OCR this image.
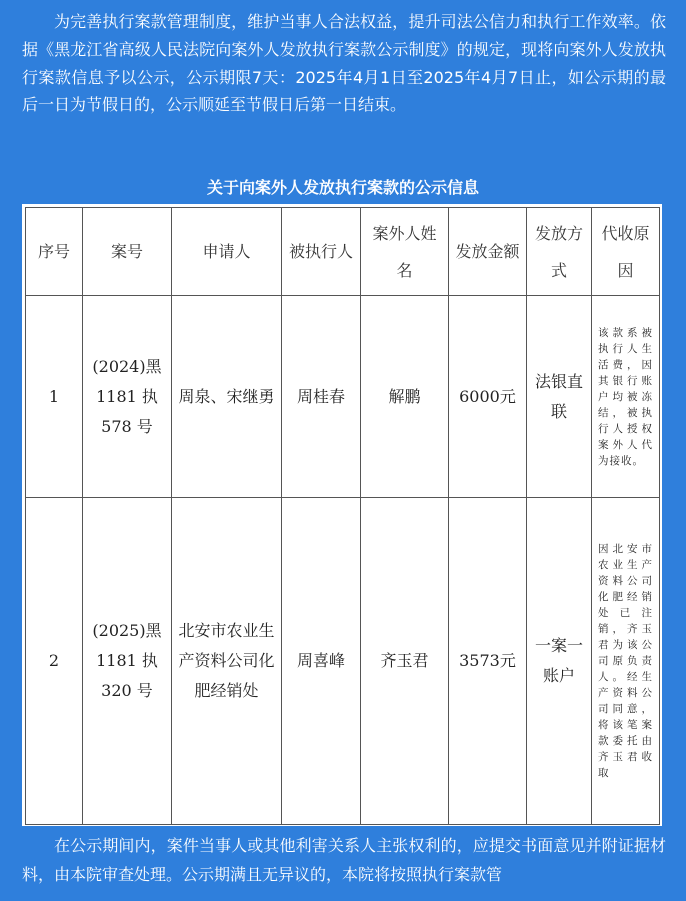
为完善执行案款管理制度，维护当事人合法权益，提升司法公信力和执行工作效率。依据《黑龙江省高级人民法院向案外人发放执行案款公示制度》的规定，现将向案外人发放执行案款信息予以公示，公示期限7天：2025年4月1日至2025年4月7日止，如公示期的最后一日为节假日的，公示顺延至节假日后第一日结束。

关于向案外人发放执行案款的公示信息
序号	案号	申请人	被执行人	案外人姓名	发放金额	发放方式	代收原因
1	(2024)黑 1181 执 578 号	周泉、宋继勇	周桂春	解鹏	6000元	法银直联	该款系被执行人生活费，因其银行账户均被冻结，被执行人授权案外人代为接收。
2	(2025)黑 1181 执 320 号	北安市农业生产资料公司化肥经销处	周喜峰	齐玉君	3573元	一案一账户	因北安市农业生产资料公司化肥经销处已注销，齐玉君为该公司原负责人。经生产资料公司同意，将该笔案款委托由齐玉君收取

在公示期间内，案件当事人或其他利害关系人主张权利的，应提交书面意见并附证据材料，由本院审查处理。公示期满且无异议的，本院将按照执行案款管
